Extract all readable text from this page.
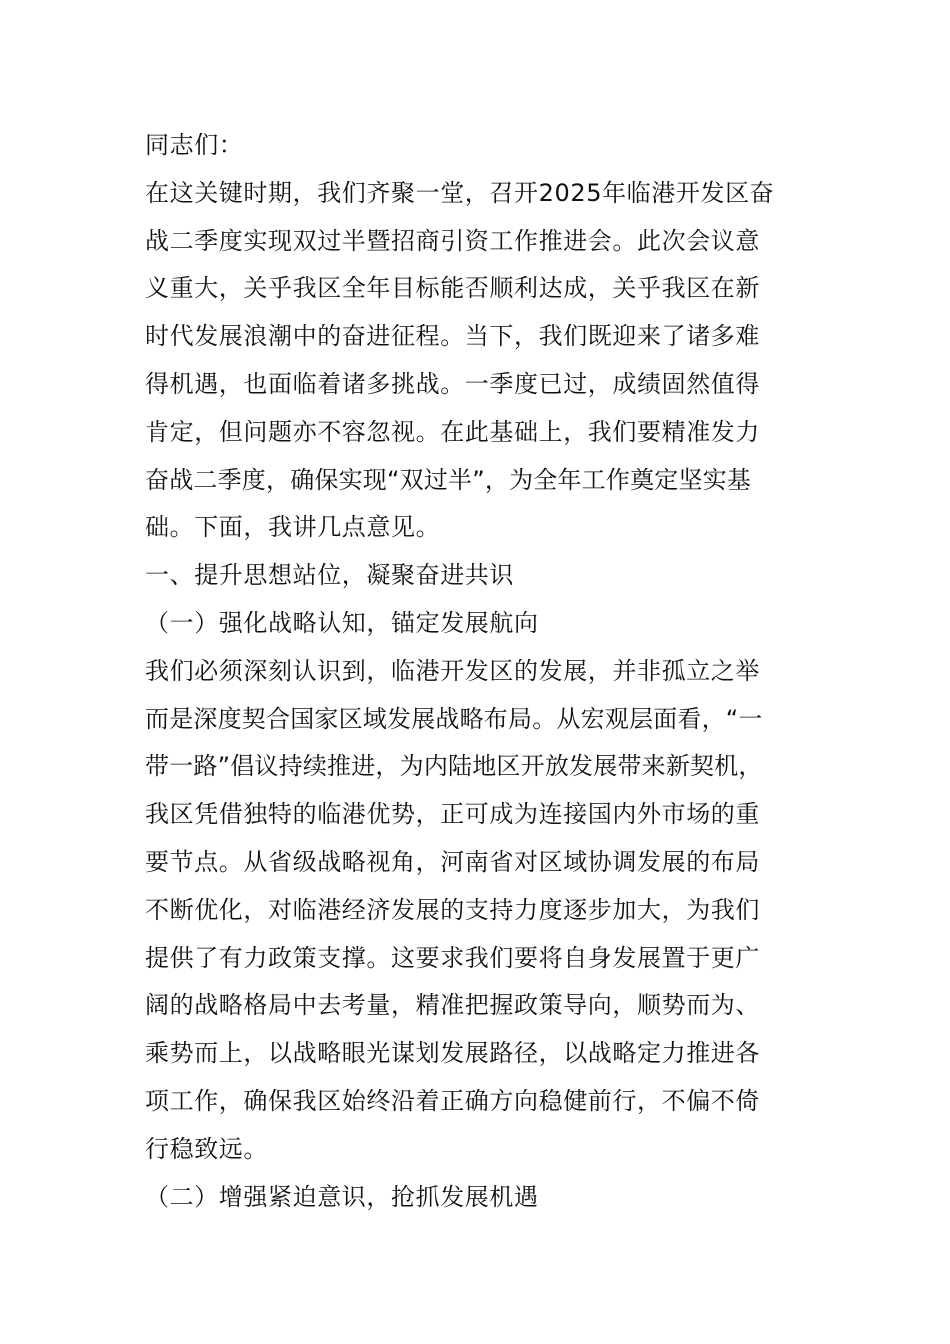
同志们：
在这关键时期，我们齐聚一堂，召开2025年临港开发区奋
战二季度实现双过半暨招商引资工作推进会。此次会议意
义重大，关乎我区全年目标能否顺利达成，关乎我区在新
时代发展浪潮中的奋进征程。当下，我们既迎来了诸多难
得机遇，也面临着诸多挑战。一季度已过，成绩固然值得
肯定，但问题亦不容忽视。在此基础上，我们要精准发力
奋战二季度，确保实现“双过半”，为全年工作奠定坚实基
础。下面，我讲几点意见。
一、提升思想站位，凝聚奋进共识
（一）强化战略认知，锚定发展航向
我们必须深刻认识到，临港开发区的发展，并非孤立之举
而是深度契合国家区域发展战略布局。从宏观层面看，“一
带一路”倡议持续推进，为内陆地区开放发展带来新契机，
我区凭借独特的临港优势，正可成为连接国内外市场的重
要节点。从省级战略视角，河南省对区域协调发展的布局
不断优化，对临港经济发展的支持力度逐步加大，为我们
提供了有力政策支撑。这要求我们要将自身发展置于更广
阔的战略格局中去考量，精准把握政策导向，顺势而为、
乘势而上，以战略眼光谋划发展路径，以战略定力推进各
项工作，确保我区始终沿着正确方向稳健前行，不偏不倚
行稳致远。
（二）增强紧迫意识，抢抓发展机遇
